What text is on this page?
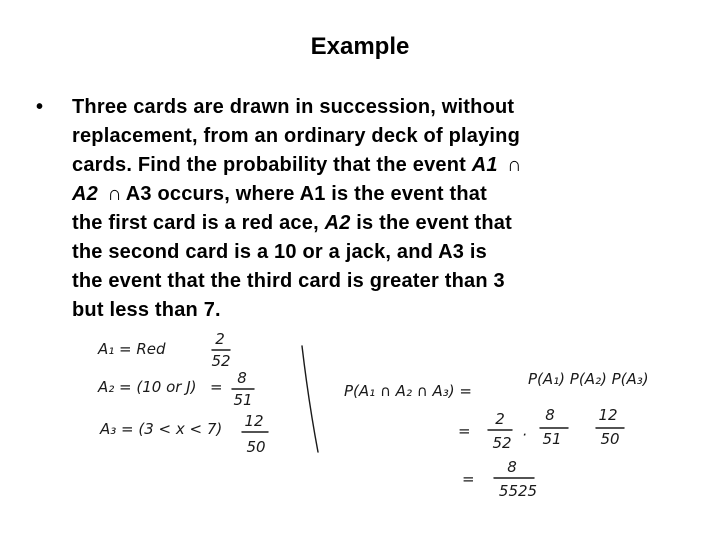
Example
• Three cards are drawn in succession, without
replacement, from an ordinary deck of playing
cards. Find the probability that the event A1 ∩
A2 ∩ A3 occurs, where A1 is the event that
the first card is a red ace, A2 is the event that
the second card is a 10 or a jack, and A3 is
the event that the third card is greater than 3
but less than 7.
A₁ = Red
2
52
A₂ = (10 or J) = 8
51
A₃ = (3 < x < 7) 12
50
P(A₁ ∩ A₂ ∩ A₃) =
P(A₁) P(A₂) P(A₃)
=
2
52 ·
8
51
12
50
=
8
5525
